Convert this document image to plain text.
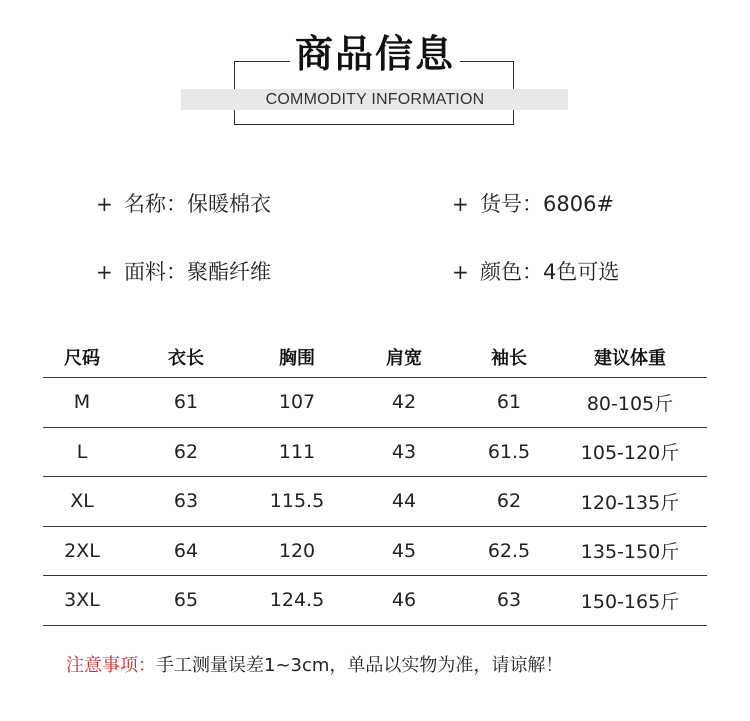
商品信息
COMMODITY INFORMATION
+ 名称：保暖棉衣	+ 货号：6806#
+ 面料：聚酯纤维	+ 颜色：4色可选
尺码	衣长	胸围	肩宽	袖长	建议体重
M	61	107	42	61	80-105斤
L	62	111	43	61.5	105-120斤
XL	63	115.5	44	62	120-135斤
2XL	64	120	45	62.5	135-150斤
3XL	65	124.5	46	63	150-165斤
注意事项：手工测量误差1~3cm，单品以实物为准，请谅解！
